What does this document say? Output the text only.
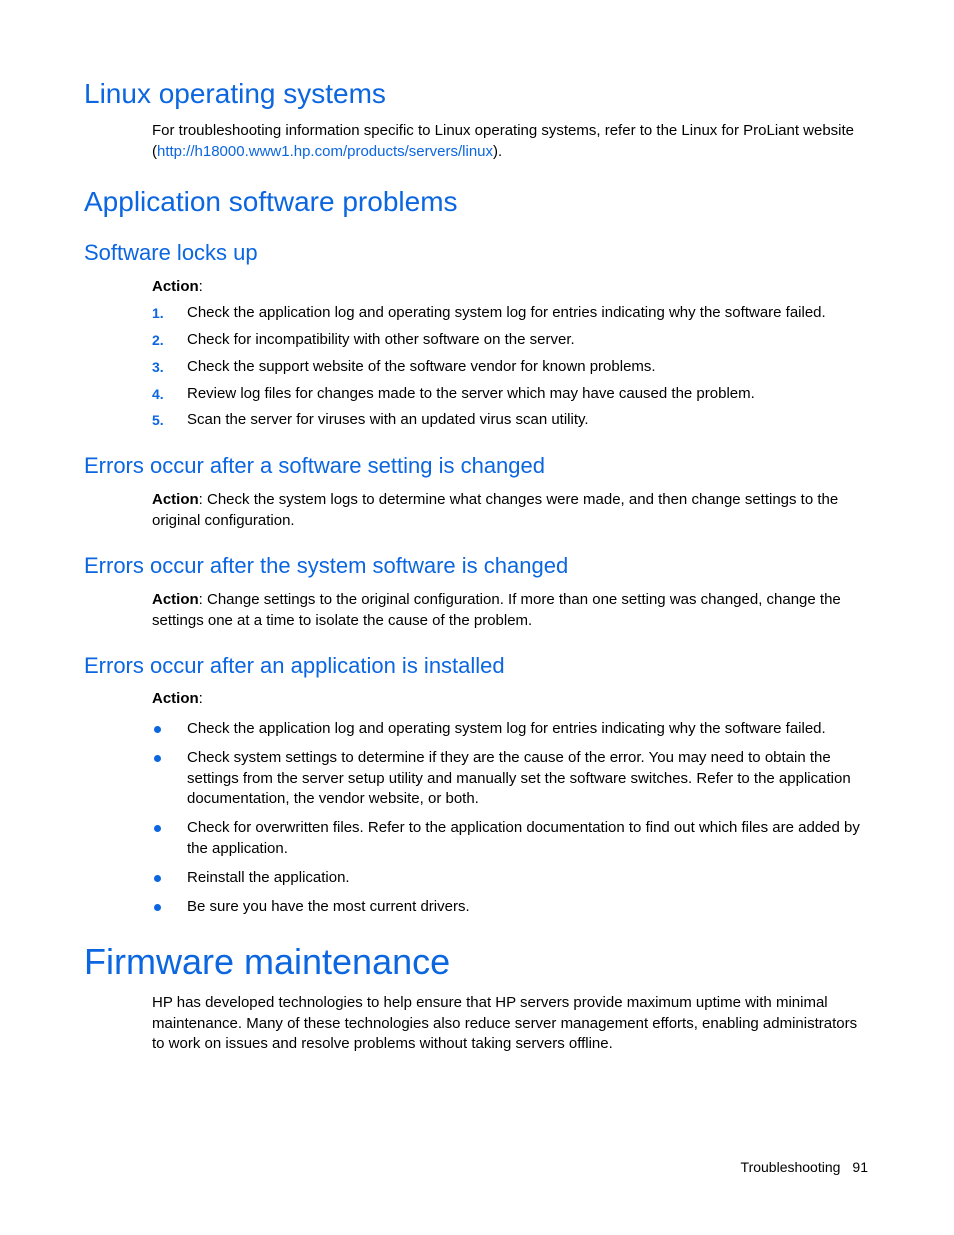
Linux operating systems

For troubleshooting information specific to Linux operating systems, refer to the Linux for ProLiant website (http://h18000.www1.hp.com/products/servers/linux).

Application software problems
Software locks up

Action:

1.	Check the application log and operating system log for entries indicating why the software failed.
2.	Check for incompatibility with other software on the server.
3.	Check the support website of the software vendor for known problems.
4.	Review log files for changes made to the server which may have caused the problem.
5.	Scan the server for viruses with an updated virus scan utility.
Errors occur after a software setting is changed

Action: Check the system logs to determine what changes were made, and then change settings to the original configuration.

Errors occur after the system software is changed

Action: Change settings to the original configuration. If more than one setting was changed, change the settings one at a time to isolate the cause of the problem.

Errors occur after an application is installed

Action:

Check the application log and operating system log for entries indicating why the software failed.
Check system settings to determine if they are the cause of the error. You may need to obtain the settings from the server setup utility and manually set the software switches. Refer to the application documentation, the vendor website, or both.
Check for overwritten files. Refer to the application documentation to find out which files are added by the application.
Reinstall the application.
Be sure you have the most current drivers.
Firmware maintenance

HP has developed technologies to help ensure that HP servers provide maximum uptime with minimal maintenance. Many of these technologies also reduce server management efforts, enabling administrators to work on issues and resolve problems without taking servers offline.

Troubleshooting 91
